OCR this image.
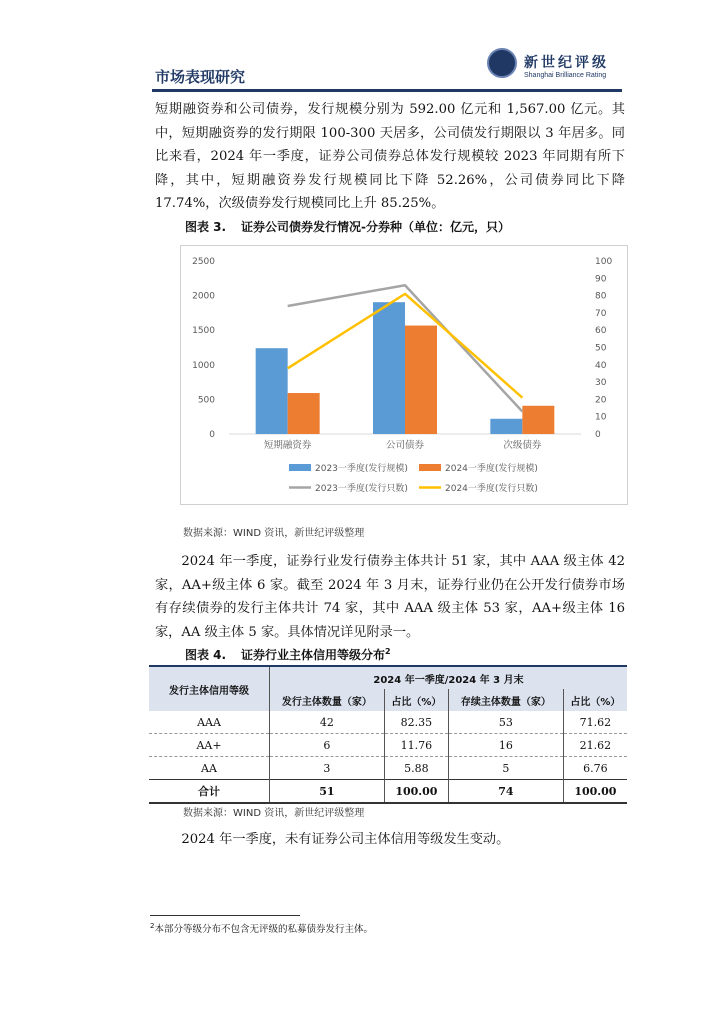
市场表现研究
新世纪评级
Shanghai Brilliance Rating

短期融资券和公司债券，发行规模分别为 592.00 亿元和 1,567.00 亿元。其中，短期融资券的发行期限 100-300 天居多，公司债发行期限以 3 年居多。同比来看，2024 年一季度，证券公司债券总体发行规模较 2023 年同期有所下降，其中，短期融资券发行规模同比下降 52.26%，公司债券同比下降 17.74%，次级债券发行规模同比上升 85.25%。

图表 3. 证券公司债券发行情况-分券种（单位：亿元，只）
0
500
1000
1500
2000
2500
0
10
20
30
40
50
60
70
80
90
100
短期融资券	公司债券	次级债券
2023一季度(发行规模)	2024一季度(发行规模)
2023一季度(发行只数)	2024一季度(发行只数)
数据来源：WIND 资讯，新世纪评级整理
2024 年一季度，证券行业发行债券主体共计 51 家，其中 AAA 级主体 42 家，AA+级主体 6 家。截至 2024 年 3 月末，证券行业仍在公开发行债券市场有存续债券的发行主体共计 74 家，其中 AAA 级主体 53 家，AA+级主体 16 家，AA 级主体 5 家。具体情况详见附录一。
图表 4. 证券行业主体信用等级分布$^2$
发行主体信用等级	2024 年一季度/2024 年 3 月末			
	发行主体数量（家）	占比（%）	存续主体数量（家）	占比（%）
AAA	42	82.35	53	71.62
AA+	6	11.76	16	21.62
AA	3	5.88	5	6.76
合计	51	100.00	74	100.00
数据来源：WIND 资讯，新世纪评级整理
2024 年一季度，未有证券公司主体信用等级发生变动。
$^2$本部分等级分布不包含无评级的私募债券发行主体。
